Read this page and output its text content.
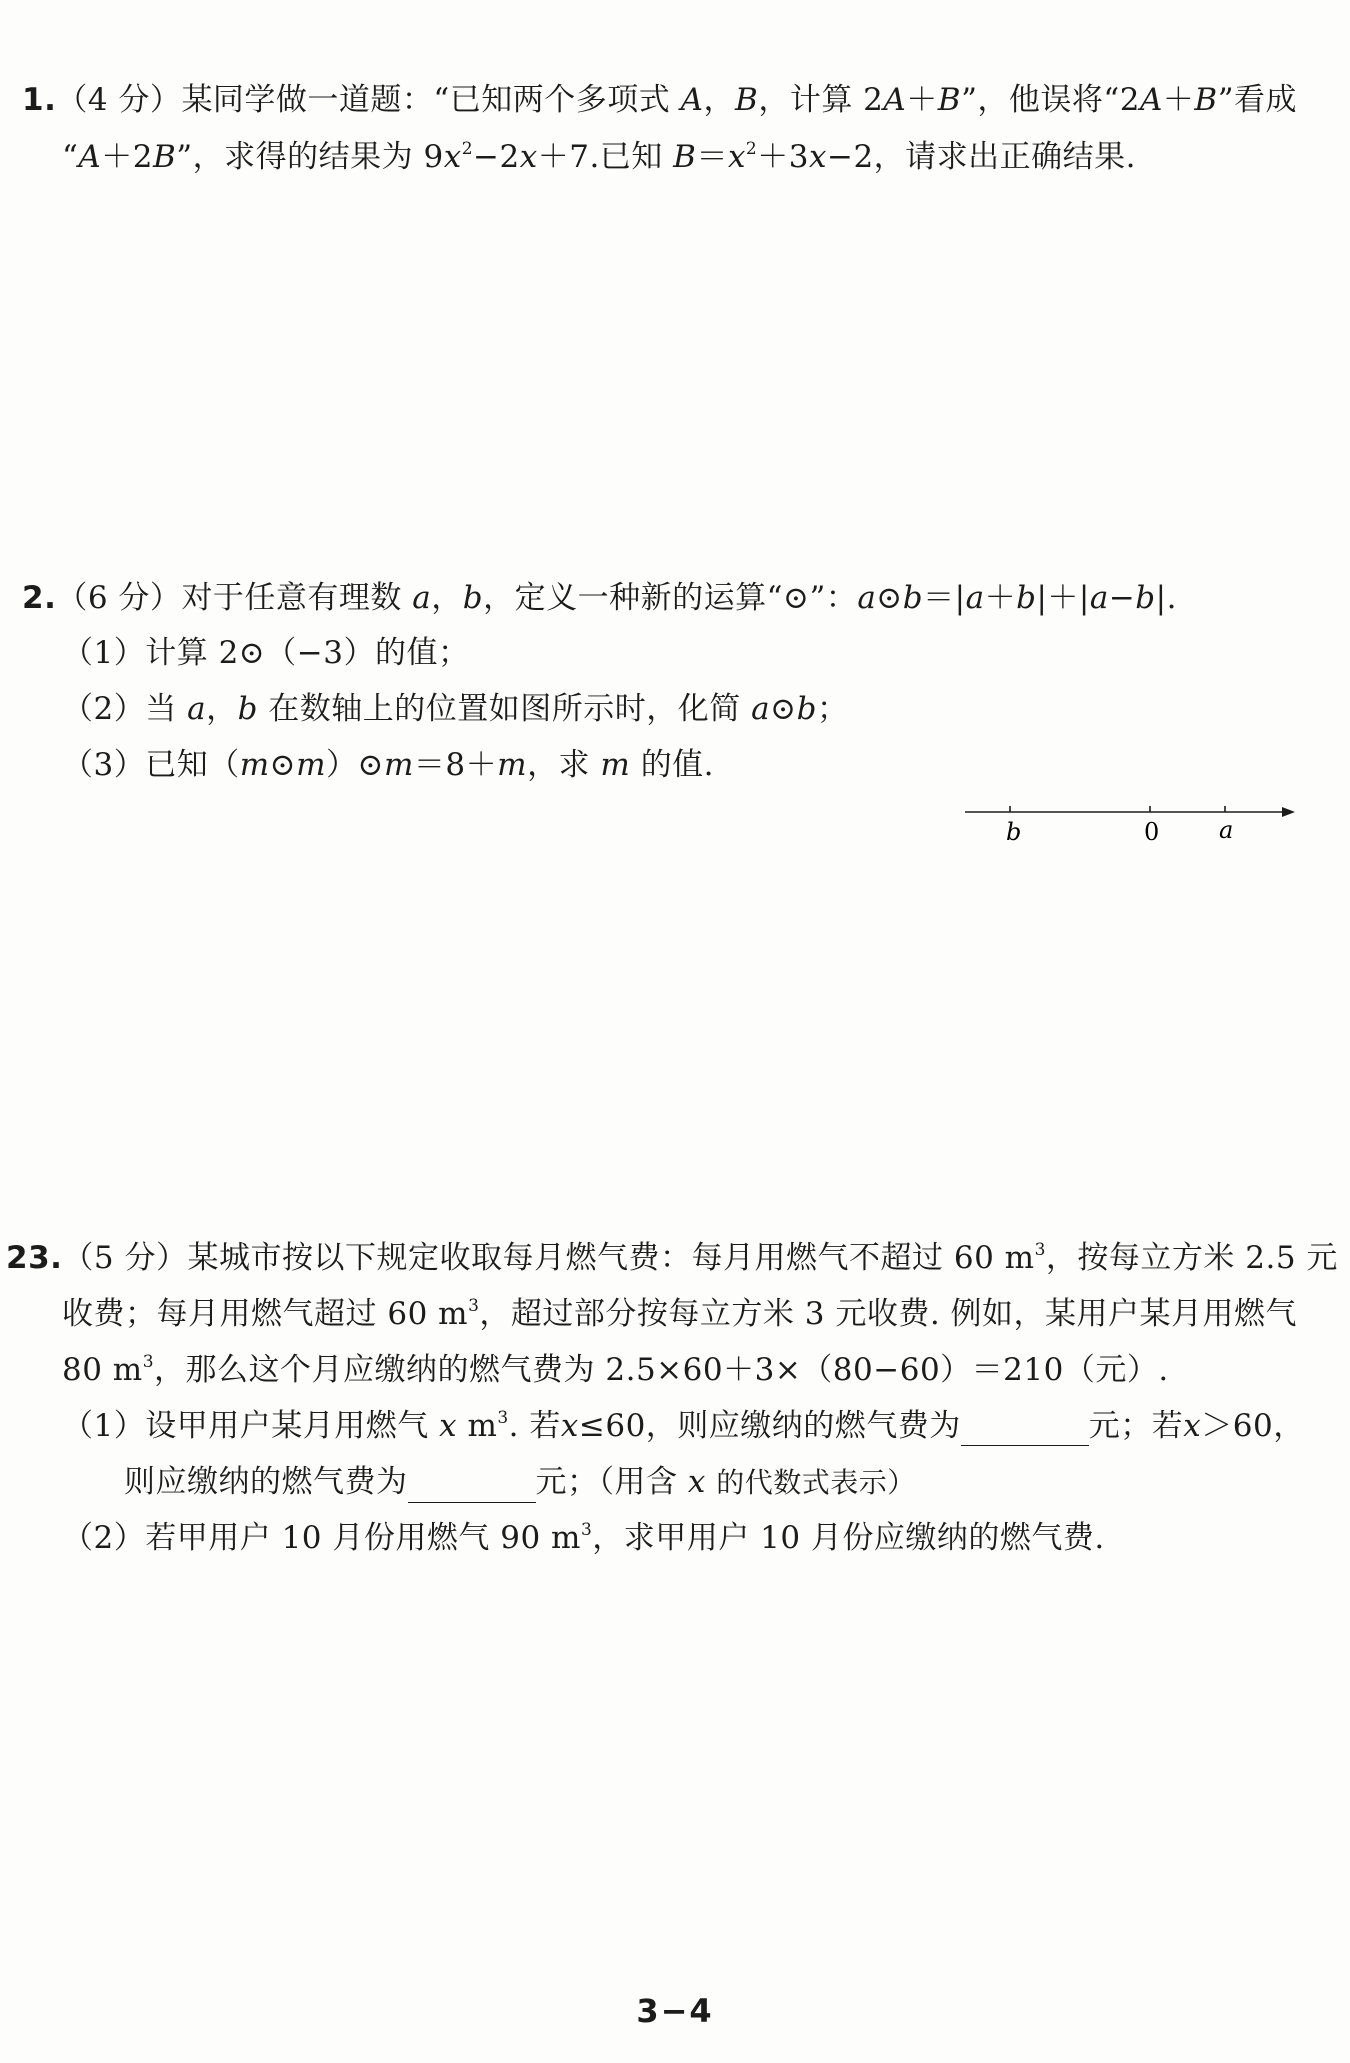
1.（4 分）某同学做一道题：“已知两个多项式 A，B，计算 2A＋B”，他误将“2A＋B”看成
“A＋2B”，求得的结果为 $9x^2-2x+7$.已知 $B=x^2+3x-2$，请求出正确结果.
2.（6 分）对于任意有理数 a，b，定义一种新的运算“⊙”：a⊙b＝|a＋b|＋|a−b|.
（1）计算 2⊙（−3）的值；
（2）当 a，b 在数轴上的位置如图所示时，化简 a⊙b；
（3）已知（m⊙m）⊙m＝8＋m，求 m 的值.
b	0 a
23.（5 分）某城市按以下规定收取每月燃气费：每月用燃气不超过 60 $m^3$，按每立方米 2.5 元
收费；每月用燃气超过 60 $m^3$，超过部分按每立方米 3 元收费. 例如，某用户某月用燃气
80 $m^3$，那么这个月应缴纳的燃气费为 2.5×60＋3×（80−60）＝210（元）.
（1）设甲用户某月用燃气 x $m^3$. 若x≤60，则应缴纳的燃气费为	元；若x＞60，
则应缴纳的燃气费为	元；（用含 x 的代数式表示）
（2）若甲用户 10 月份用燃气 90 $m^3$，求甲用户 10 月份应缴纳的燃气费.
3−4
